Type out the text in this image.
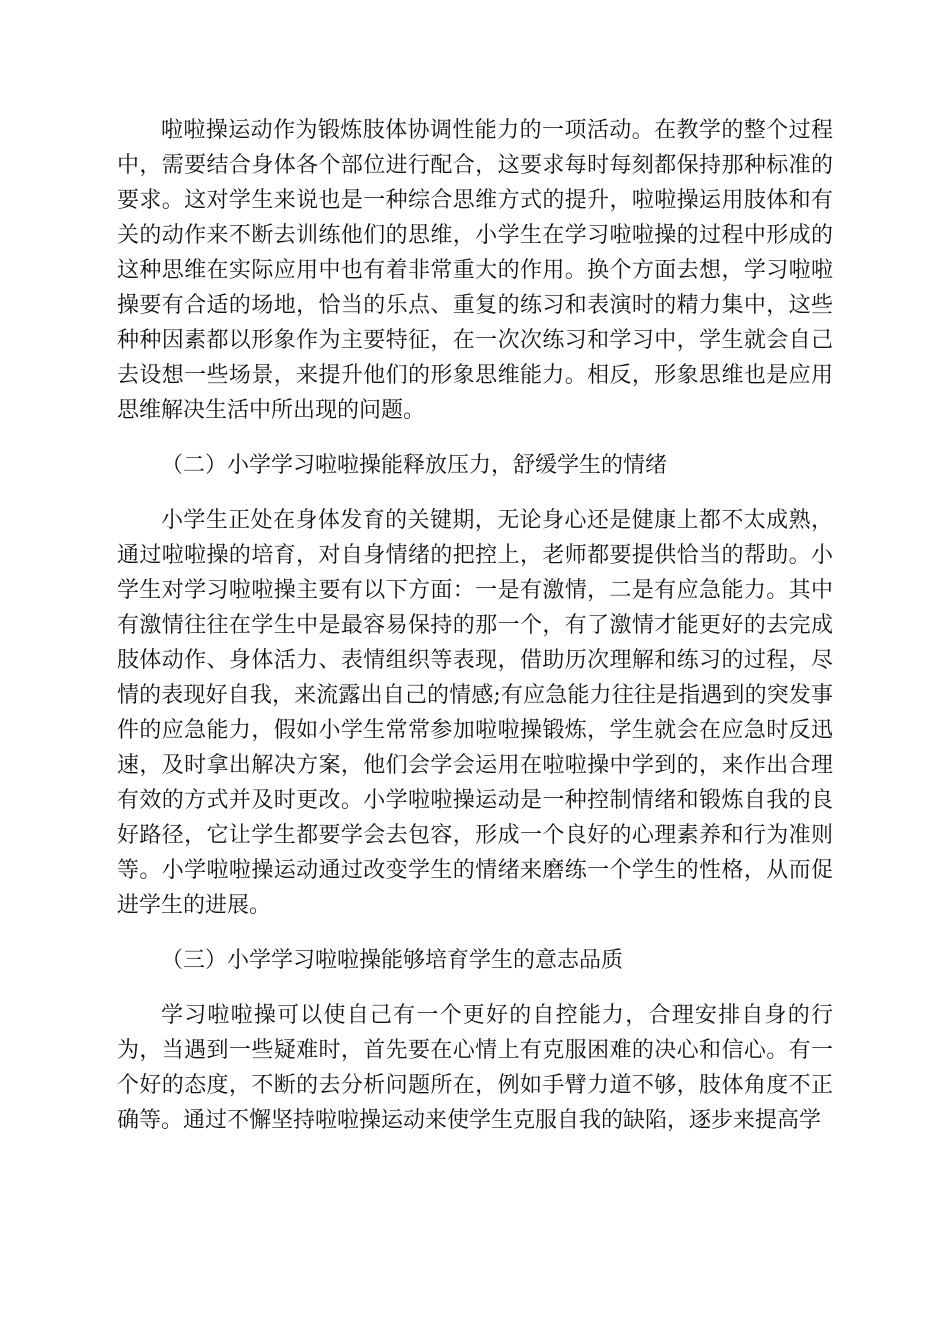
啦啦操运动作为锻炼肢体协调性能力的一项活动。在教学的整个过程中，需要结合身体各个部位进行配合，这要求每时每刻都保持那种标准的要求。这对学生来说也是一种综合思维方式的提升，啦啦操运用肢体和有关的动作来不断去训练他们的思维，小学生在学习啦啦操的过程中形成的这种思维在实际应用中也有着非常重大的作用。换个方面去想，学习啦啦操要有合适的场地，恰当的乐点、重复的练习和表演时的精力集中，这些种种因素都以形象作为主要特征，在一次次练习和学习中，学生就会自己去设想一些场景，来提升他们的形象思维能力。相反，形象思维也是应用思维解决生活中所出现的问题。

（二）小学学习啦啦操能释放压力，舒缓学生的情绪

小学生正处在身体发育的关键期，无论身心还是健康上都不太成熟，通过啦啦操的培育，对自身情绪的把控上，老师都要提供恰当的帮助。小学生对学习啦啦操主要有以下方面：一是有激情，二是有应急能力。其中有激情往往在学生中是最容易保持的那一个，有了激情才能更好的去完成肢体动作、身体活力、表情组织等表现，借助历次理解和练习的过程，尽情的表现好自我，来流露出自己的情感;有应急能力往往是指遇到的突发事件的应急能力，假如小学生常常参加啦啦操锻炼，学生就会在应急时反迅速，及时拿出解决方案，他们会学会运用在啦啦操中学到的，来作出合理有效的方式并及时更改。小学啦啦操运动是一种控制情绪和锻炼自我的良好路径，它让学生都要学会去包容，形成一个良好的心理素养和行为准则等。小学啦啦操运动通过改变学生的情绪来磨练一个学生的性格，从而促进学生的进展。

（三）小学学习啦啦操能够培育学生的意志品质

学习啦啦操可以使自己有一个更好的自控能力，合理安排自身的行为，当遇到一些疑难时，首先要在心情上有克服困难的决心和信心。有一个好的态度，不断的去分析问题所在，例如手臂力道不够，肢体角度不正确等。通过不懈坚持啦啦操运动来使学生克服自我的缺陷，逐步来提高学
